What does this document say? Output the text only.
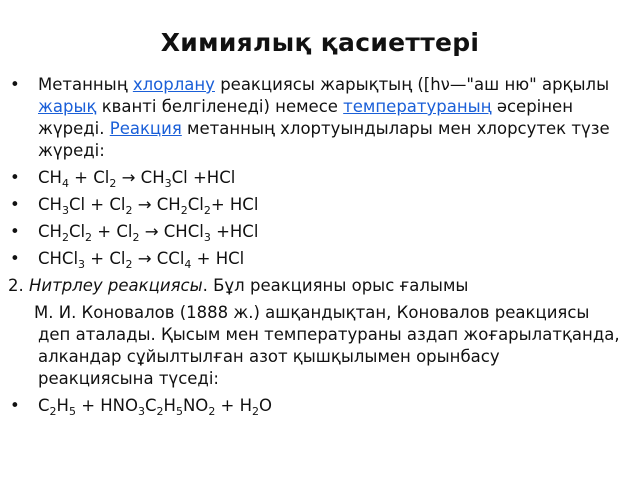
Химиялық қасиеттері
• Метанның хлорлану реакциясы жарықтың ([hν—"аш ню" арқылы жарық кванті белгіленеді) немесе температураның әсерінен жүреді. Реакция метанның хлортуындылары мен хлорсутек түзе жүреді:
• $CH_4 + Cl_2 \to CH_3Cl +HCl$
• $CH_3Cl + Cl_2 \to CH_2Cl_2+$ HCl
• $CH_2Cl_2 + Cl_2$ → CHCl$_3$ +HCl
• CHCl$_3$ + $Cl_2 \to CCl_4$ + HCl
2. Нитрлеу реакциясы. Бұл реакцияны орыс ғалымы
М. И. Коновалов (1888 ж.) ашқандықтан, Коновалов реакциясы деп аталады. Қысым мен температураны аздап жоғарылатқанда, алкандар сұйылтылған азот қышқылымен орынбасу реакциясына түседі:
• $C_2H_5 + HNO_3C_2H_5NO_2 + H_2O$
